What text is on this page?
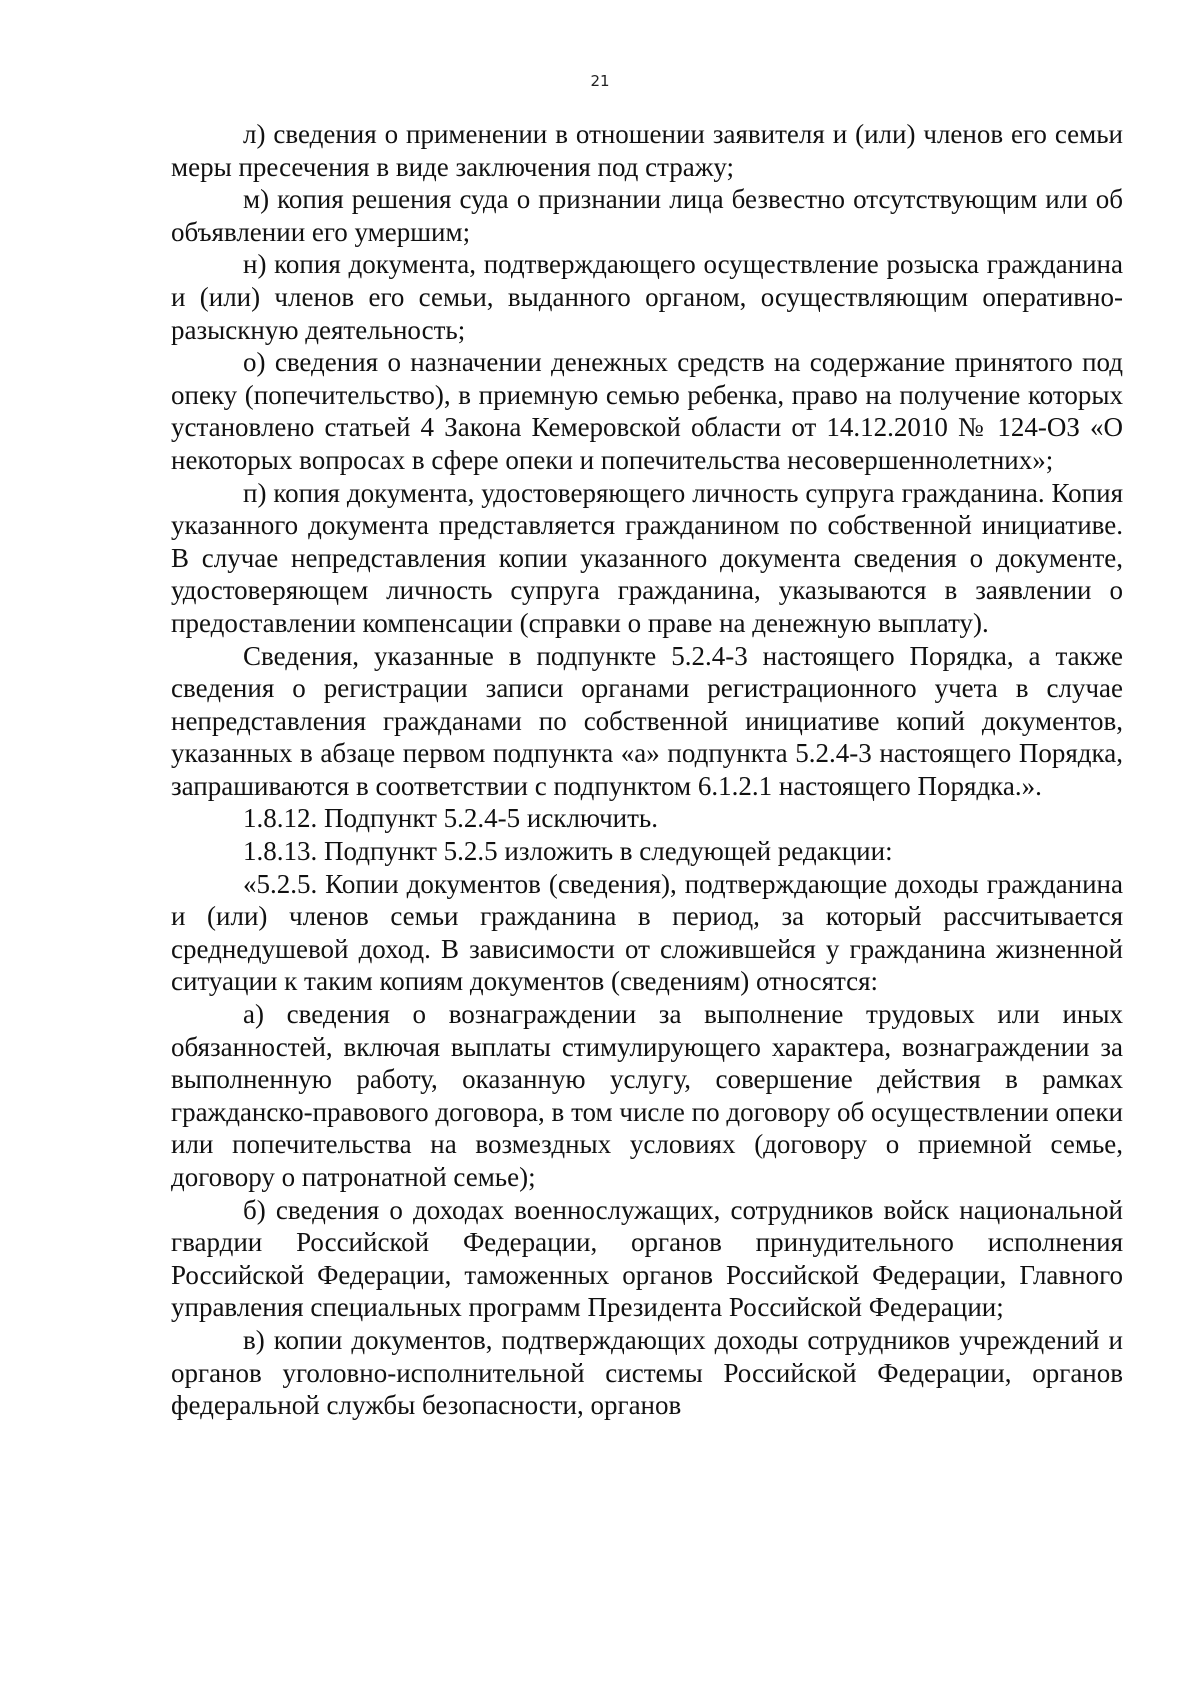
21

л) сведения о применении в отношении заявителя и (или) членов его семьи меры пресечения в виде заключения под стражу;

м) копия решения суда о признании лица безвестно отсутствующим или об объявлении его умершим;

н) копия документа, подтверждающего осуществление розыска гражданина и (или) членов его семьи, выданного органом, осуществляющим оперативно-разыскную деятельность;

о) сведения о назначении денежных средств на содержание принятого под опеку (попечительство), в приемную семью ребенка, право на получение которых установлено статьей 4 Закона Кемеровской области от 14.12.2010 № 124-ОЗ «О некоторых вопросах в сфере опеки и попечительства несовершеннолетних»;

п) копия документа, удостоверяющего личность супруга гражданина. Копия указанного документа представляется гражданином по собственной инициативе. В случае непредставления копии указанного документа сведения о документе, удостоверяющем личность супруга гражданина, указываются в заявлении о предоставлении компенсации (справки о праве на денежную выплату).

Сведения, указанные в подпункте 5.2.4-3 настоящего Порядка, а также сведения о регистрации записи органами регистрационного учета в случае непредставления гражданами по собственной инициативе копий документов, указанных в абзаце первом подпункта «а» подпункта 5.2.4-3 настоящего Порядка, запрашиваются в соответствии с подпунктом 6.1.2.1 настоящего Порядка.».

1.8.12. Подпункт 5.2.4-5 исключить.

1.8.13. Подпункт 5.2.5 изложить в следующей редакции:

«5.2.5. Копии документов (сведения), подтверждающие доходы гражданина и (или) членов семьи гражданина в период, за который рассчитывается среднедушевой доход. В зависимости от сложившейся у гражданина жизненной ситуации к таким копиям документов (сведениям) относятся:

а) сведения о вознаграждении за выполнение трудовых или иных обязанностей, включая выплаты стимулирующего характера, вознаграждении за выполненную работу, оказанную услугу, совершение действия в рамках гражданско-правового договора, в том числе по договору об осуществлении опеки или попечительства на возмездных условиях (договору о приемной семье, договору о патронатной семье);

б) сведения о доходах военнослужащих, сотрудников войск национальной гвардии Российской Федерации, органов принудительного исполнения Российской Федерации, таможенных органов Российской Федерации, Главного управления специальных программ Президента Российской Федерации;

в) копии документов, подтверждающих доходы сотрудников учреждений и органов уголовно-исполнительной системы Российской Федерации, органов федеральной службы безопасности, органов
